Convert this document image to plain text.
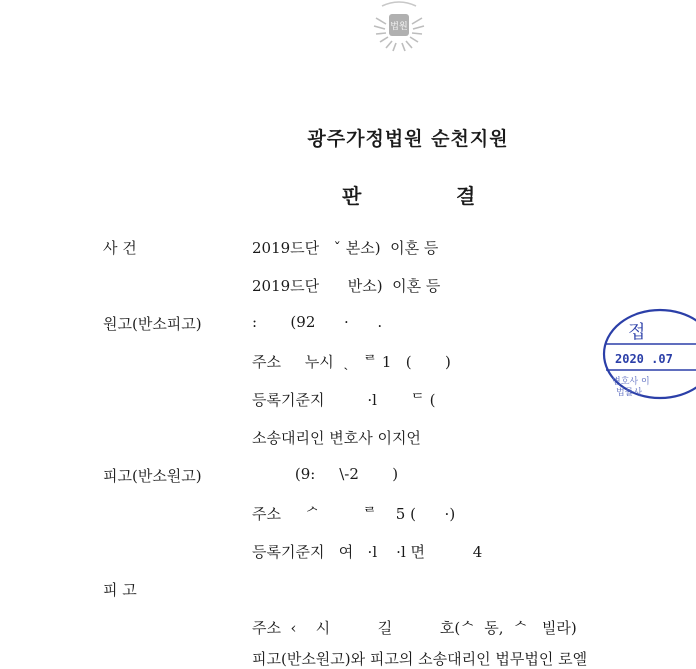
법원
광주가정법원 순천지원
판	결
사 건	2019드단   ˇ 본소)  이혼 등
2019드단      반소)  이혼 등
원고(반소피고)	:       (92      ·      .
주소     누시  ˎ   ᄅ 1   (       )
등록기준지         ·l       ᄃ (
소송대리인 변호사 이지언
피고(반소원고)	(9:     \-2       )
주소     ᄼ         ᄅ    5 (      ·)
등록기준지   여   ·l    ·l 면          4
피 고
주소  ‹    시          길          호(ᄉ  동,  ᄉ   빌라)
피고(반소원고)와 피고의 소송대리인 법무법인 로엘
접
2020 .07
변호사 이
법률사
